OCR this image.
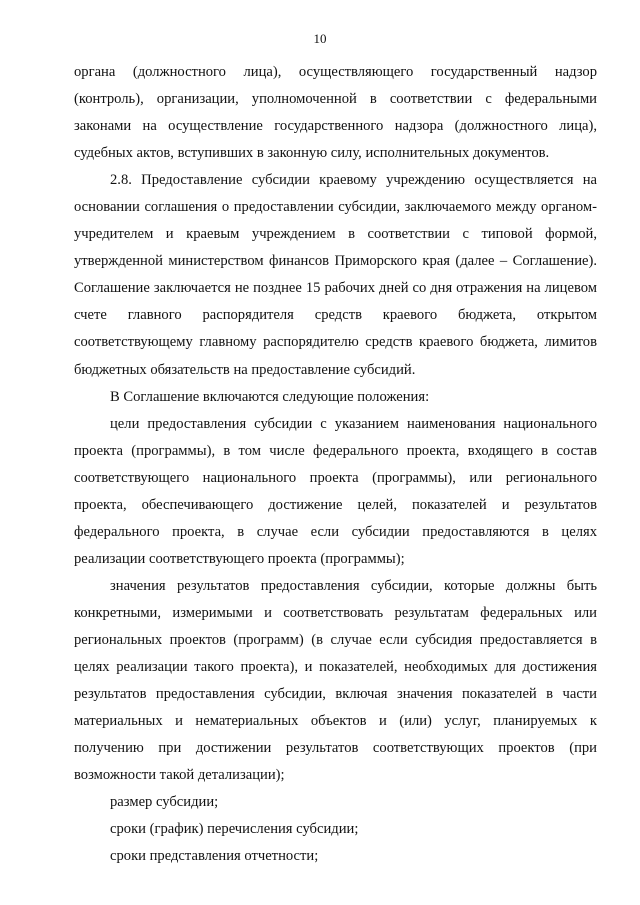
10

органа (должностного лица), осуществляющего государственный надзор (контроль), организации, уполномоченной в соответствии с федеральными законами на осуществление государственного надзора (должностного лица), судебных актов, вступивших в законную силу, исполнительных документов.

2.8. Предоставление субсидии краевому учреждению осуществляется на основании соглашения о предоставлении субсидии, заключаемого между органом-учредителем и краевым учреждением в соответствии с типовой формой, утвержденной министерством финансов Приморского края (далее – Соглашение). Соглашение заключается не позднее 15 рабочих дней со дня отражения на лицевом счете главного распорядителя средств краевого бюджета, открытом соответствующему главному распорядителю средств краевого бюджета, лимитов бюджетных обязательств на предоставление субсидий.

В Соглашение включаются следующие положения:

цели предоставления субсидии с указанием наименования национального проекта (программы), в том числе федерального проекта, входящего в состав соответствующего национального проекта (программы), или регионального проекта, обеспечивающего достижение целей, показателей и результатов федерального проекта, в случае если субсидии предоставляются в целях реализации соответствующего проекта (программы);

значения результатов предоставления субсидии, которые должны быть конкретными, измеримыми и соответствовать результатам федеральных или региональных проектов (программ) (в случае если субсидия предоставляется в целях реализации такого проекта), и показателей, необходимых для достижения результатов предоставления субсидии, включая значения показателей в части материальных и нематериальных объектов и (или) услуг, планируемых к получению при достижении результатов соответствующих проектов (при возможности такой детализации);

размер субсидии;

сроки (график) перечисления субсидии;

сроки представления отчетности;
